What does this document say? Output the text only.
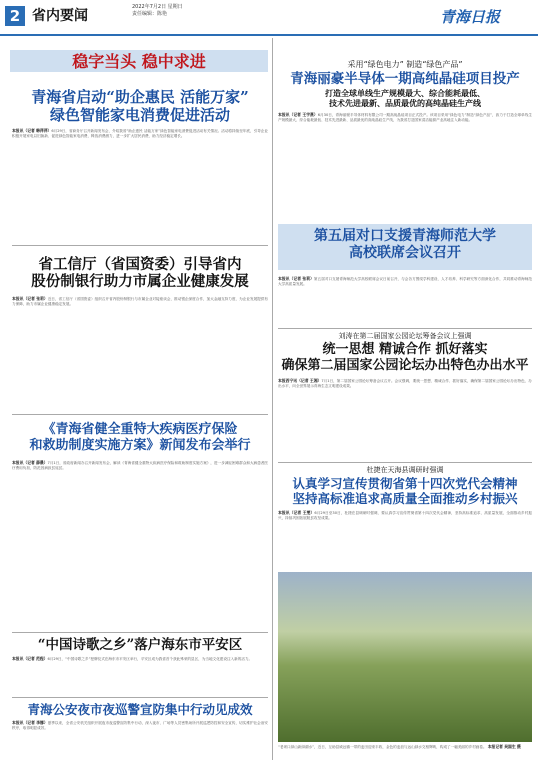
2 省内要闻
2022年7月2日 星期日
责任编辑：陈艳	青海日报
稳字当头 稳中求进
青海省启动“助企惠民 活能万家”
绿色智能家电消费促进活动
本报讯（记者 韩萍萍）6月29日，省商务厅召开新闻发布会，介绍我省“助企惠民 活能万家”绿色智能家电消费促进活动有关情况。活动将持续至年底，引导企业积极开展家电以旧换新、促进绿色智能家电消费，释放消费潜力，进一步扩大居民消费，助力经济稳定增长。
省工信厅（省国资委）引导省内
股份制银行助力市属企业健康发展
本报讯（记者 张莉）近日，省工信厅（省国资委）组织召开省内股份制银行与市属企业对接座谈会，推动银企深度合作，加大金融支持力度，为企业发展提供有力保障，助力市属企业健康稳定发展。
《青海省健全重特大疾病医疗保险
和救助制度实施方案》新闻发布会举行
本报讯（记者 薛晨）7月1日，省政府新闻办召开新闻发布会，解读《青海省健全重特大疾病医疗保险和救助制度实施方案》，进一步减轻困难群众和大病患者医疗费用负担，防范因病致贫返贫。
“中国诗歌之乡”落户海东市平安区
本报讯（记者 范程）6月29日，“中国诗歌之乡”授牌仪式在海东市平安区举行，平安区成为我省首个获此殊荣的县区，为当地文化建设注入新的活力。
青海公安夜市夜巡警宣防集中行动见成效
本报讯（记者 李娜）夏季以来，全省公安机关组织开展夜市夜巡警宣防集中行动，深入夜市、广场等人员密集场所开展巡逻防控和安全宣传，切实维护社会治安秩序，取得明显成效。
采用“绿色电力” 制造“绿色产品”
青海丽豪半导体一期高纯晶硅项目投产
打造全球单线生产规模最大、综合能耗最低、
技术先进最新、品质最优的高纯晶硅生产线
本报讯（记者 王宇燕）6月30日，青海丽豪半导体材料有限公司一期高纯晶硅项目正式投产。该项目采用“绿色电力”制造“绿色产品”，致力于打造全球单线生产规模最大、综合能耗最低、技术先进最新、品质最优的高纯晶硅生产线，为我省打造国家清洁能源产业高地注入新动能。
第五届对口支援青海师范大学
高校联席会议召开
本报讯（记者 张莉）第五届对口支援青海师范大学高校联席会议日前召开，与会各方围绕学科建设、人才培养、科学研究等方面深化合作，共同推动青海师范大学高质量发展。
刘涛在第二届国家公园论坛筹备会议上强调
统一思想 精诚合作 抓好落实
确保第二届国家公园论坛办出特色办出水平
本报西宁讯（记者 王湘）7月1日，第二届国家公园论坛筹备会议召开。会议强调，要统一思想、精诚合作、抓好落实，确保第二届国家公园论坛办出特色、办出水平，向全世界展示青海生态文明建设成果。
杜捷在天海县调研时强调
认真学习宣传贯彻省第十四次党代会精神
坚持高标准追求高质量全面推动乡村振兴
本报讯（记者 王雯）6月29日至30日，杜捷在县调研时强调，要认真学习宣传贯彻省第十四次党代会精神，坚持高标准追求、高质量发展，全面推动乡村振兴，持续巩固拓展脱贫攻坚成果。
“老坝口绿山新绿湖水”，近日，互助县威远镇一带的麦田迎来丰收，金色的麦浪与远山绿水交相辉映，构成了一幅美丽的乡村画卷。 本报记者 吴国生 摄
